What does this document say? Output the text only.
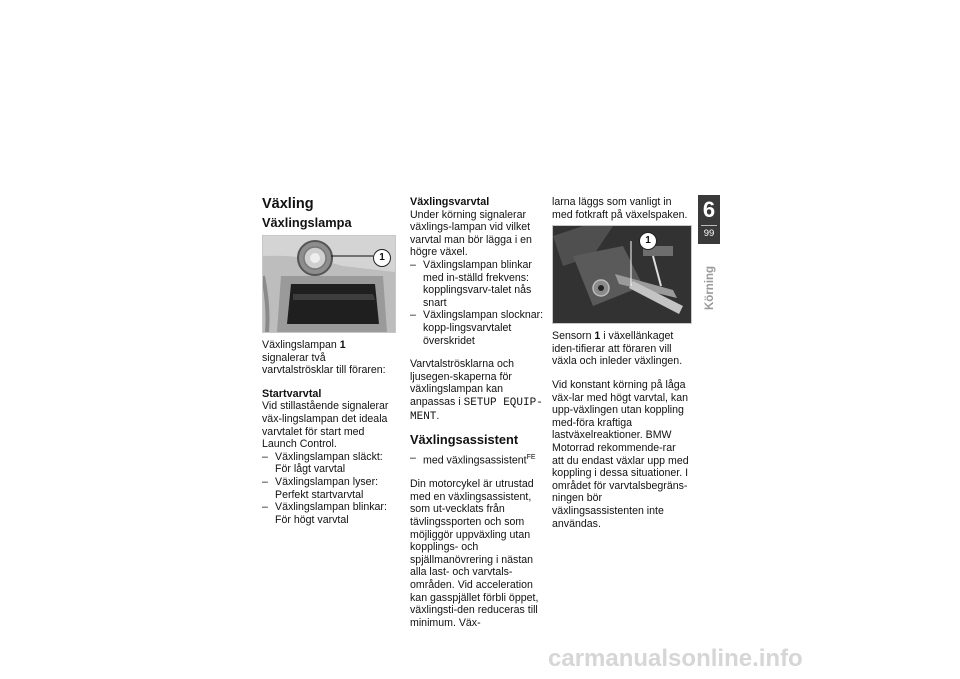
Växling
Växlingslampa
1

Växlingslampan 1 signalerar två varvtalströsklar till föraren:

Startvarvtal

Vid stillastående signalerar väx-lingslampan det ideala varvtalet för start med Launch Control.

– Växlingslampan släckt: För lågt varvtal
– Växlingslampan lyser: Perfekt startvarvtal
– Växlingslampan blinkar: För högt varvtal
Växlingsvarvtal

Under körning signalerar växlings-lampan vid vilket varvtal man bör lägga i en högre växel.

– Växlingslampan blinkar med in-ställd frekvens: kopplingsvarv-talet nås snart
– Växlingslampan slocknar: kopp-lingsvarvtalet överskridet

Varvtalströsklarna och ljusegen-skaperna för växlingslampan kan anpassas i SETUP EQUIP-MENT.

Växlingsassistent
– med växlingsassistent$^{FE}$

Din motorcykel är utrustad med en växlingsassistent, som ut-vecklats från tävlingssporten och som möjliggör uppväxling utan kopplings- och spjällmanövrering i nästan alla last- och varvtals-områden. Vid acceleration kan gasspjället förbli öppet, växlingsti-den reduceras till minimum. Väx-

larna läggs som vanligt in med fotkraft på växelspaken.

1

Sensorn 1 i växellänkaget iden-tifierar att föraren vill växla och inleder växlingen.

Vid konstant körning på låga väx-lar med högt varvtal, kan upp-växlingen utan koppling med-föra kraftiga lastväxelreaktioner. BMW Motorrad rekommende-rar att du endast växlar upp med koppling i dessa situationer. I området för varvtalsbegräns-ningen bör växlingsassistenten inte användas.

6
99
Körning
carmanualsonline.info
